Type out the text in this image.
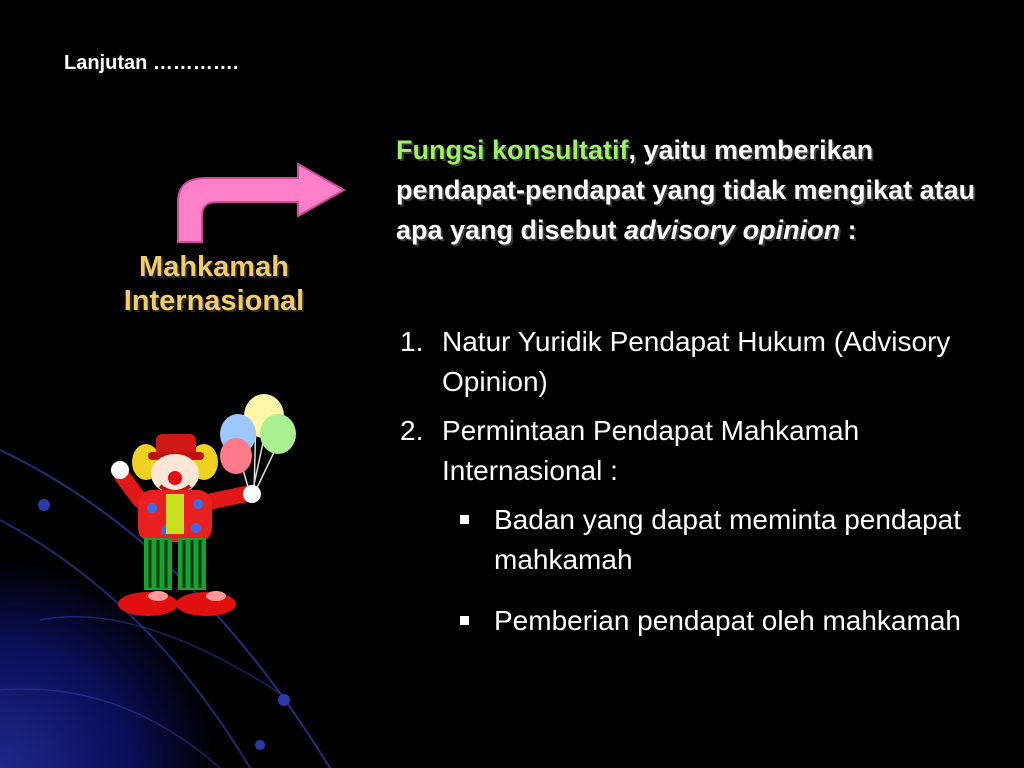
Lanjutan ………….
Mahkamah
Internasional
Fungsi konsultatif, yaitu memberikan pendapat-pendapat yang tidak mengikat atau apa yang disebut advisory opinion :
1. Natur Yuridik Pendapat Hukum (Advisory Opinion)
2. Permintaan Pendapat Mahkamah Internasional :
Badan yang dapat meminta pendapat mahkamah
Pemberian pendapat oleh mahkamah
